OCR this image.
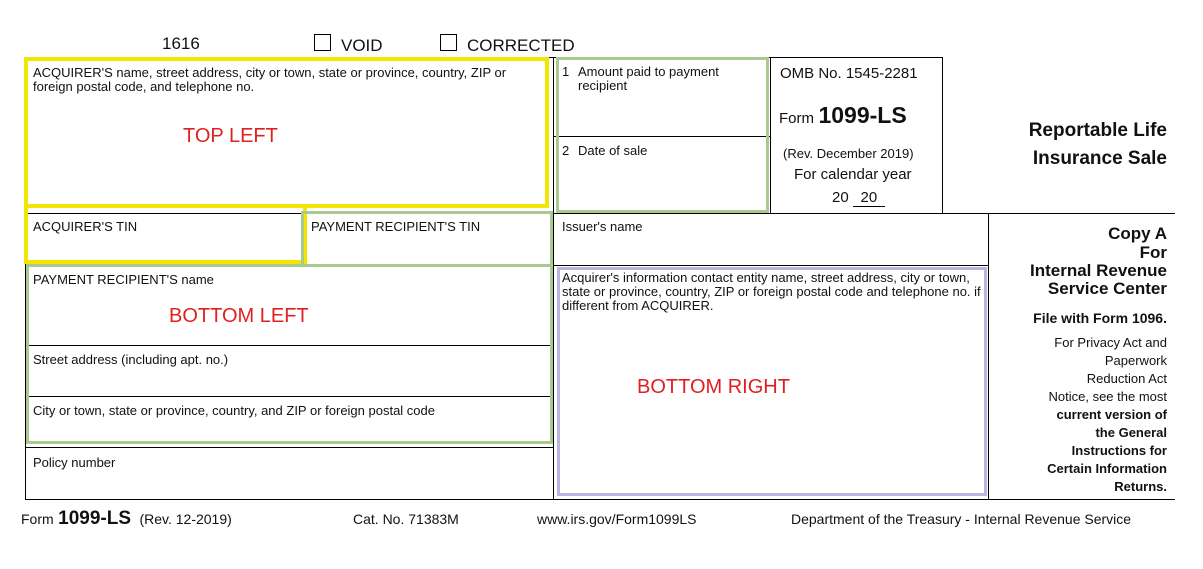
1616	VOID	CORRECTED
ACQUIRER'S name, street address, city or town, state or province, country, ZIP or foreign postal code, and telephone no.
TOP LEFT
ACQUIRER'S TIN	PAYMENT RECIPIENT'S TIN
PAYMENT RECIPIENT'S name
BOTTOM LEFT
Street address (including apt. no.)
City or town, state or province, country, and ZIP or foreign postal code
Policy number
1 Amount paid to payment recipient
2 Date of sale
Issuer's name
Acquirer's information contact entity name, street address, city or town, state or province, country, ZIP or foreign postal code and telephone no. if different from ACQUIRER.
BOTTOM RIGHT
OMB No. 1545-2281
Form 1099-LS
(Rev. December 2019)
For calendar year
20 20
Reportable Life
Insurance Sale
Copy A
For
Internal Revenue
Service Center
File with Form 1096.
For Privacy Act and
Paperwork
Reduction Act
Notice, see the most
current version of
the General
Instructions for
Certain Information
Returns.
Form 1099-LS (Rev. 12-2019)	Cat. No. 71383M	www.irs.gov/Form1099LS	Department of the Treasury - Internal Revenue Service
